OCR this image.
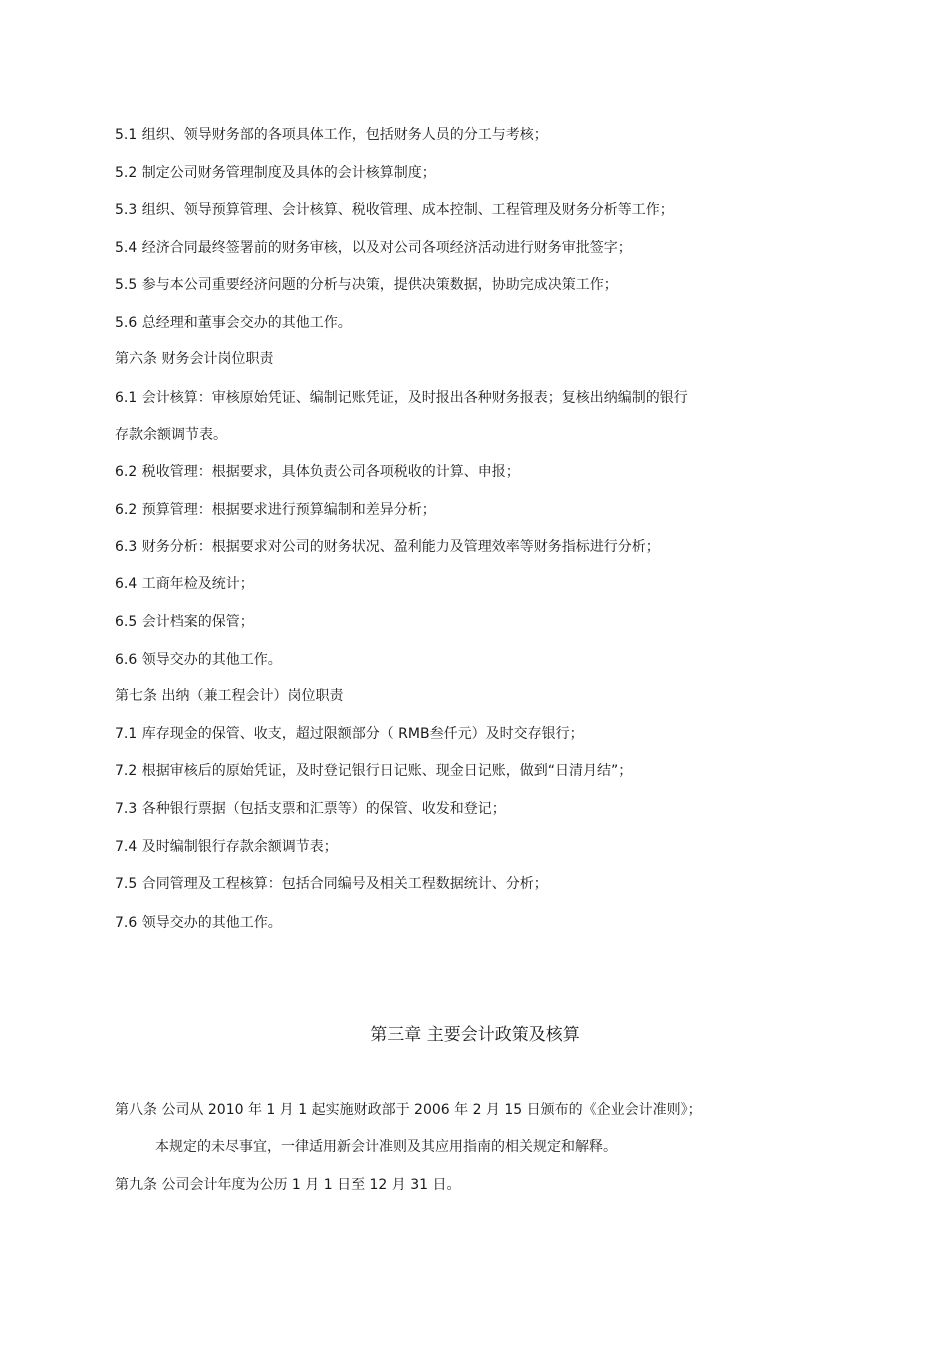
5.1 组织、领导财务部的各项具体工作，包括财务人员的分工与考核；
5.2 制定公司财务管理制度及具体的会计核算制度；
5.3 组织、领导预算管理、会计核算、税收管理、成本控制、工程管理及财务分析等工作；
5.4 经济合同最终签署前的财务审核，以及对公司各项经济活动进行财务审批签字；
5.5 参与本公司重要经济问题的分析与决策，提供决策数据，协助完成决策工作；
5.6 总经理和董事会交办的其他工作。
第六条 财务会计岗位职责
6.1 会计核算：审核原始凭证、编制记账凭证，及时报出各种财务报表；复核出纳编制的银行
存款余额调节表。
6.2 税收管理：根据要求，具体负责公司各项税收的计算、申报；
6.2 预算管理：根据要求进行预算编制和差异分析；
6.3 财务分析：根据要求对公司的财务状况、盈利能力及管理效率等财务指标进行分析；
6.4 工商年检及统计；
6.5 会计档案的保管；
6.6 领导交办的其他工作。
第七条 出纳（兼工程会计）岗位职责
7.1 库存现金的保管、收支，超过限额部分（ RMB叁仟元）及时交存银行；
7.2 根据审核后的原始凭证，及时登记银行日记账、现金日记账，做到“日清月结”；
7.3 各种银行票据（包括支票和汇票等）的保管、收发和登记；
7.4 及时编制银行存款余额调节表；
7.5 合同管理及工程核算：包括合同编号及相关工程数据统计、分析；
7.6 领导交办的其他工作。
第三章 主要会计政策及核算
第八条 公司从 2010 年 1 月 1 起实施财政部于 2006 年 2 月 15 日颁布的《企业会计准则》；
本规定的未尽事宜，一律适用新会计准则及其应用指南的相关规定和解释。
第九条 公司会计年度为公历 1 月 1 日至 12 月 31 日。
